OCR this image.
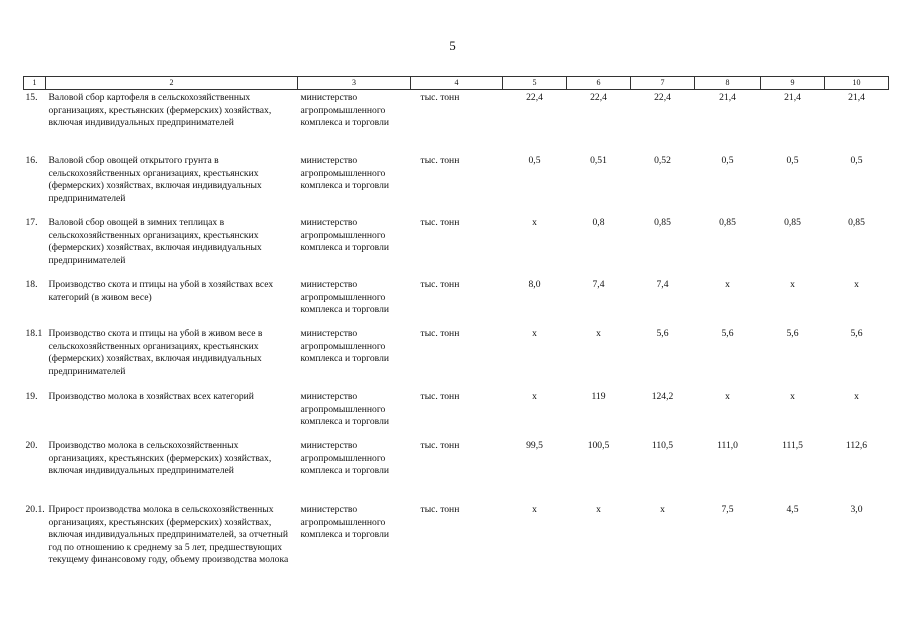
5
1	2	3	4	5	6	7	8	9	10
15.	Валовой сбор картофеля в сельскохозяйственных организациях, крестьянских (фермерских) хозяйствах, включая индивидуальных предпринимателей	министерство агропромышленного комплекса и торговли	тыс. тонн	22,4	22,4	22,4	21,4	21,4	21,4
16.	Валовой сбор овощей открытого грунта в сельскохозяйственных организациях, крестьянских (фермерских) хозяйствах, включая индивидуальных предпринимателей	министерство агропромышленного комплекса и торговли	тыс. тонн	0,5	0,51	0,52	0,5	0,5	0,5
17.	Валовой сбор овощей в зимних теплицах в сельскохозяйственных организациях, крестьянских (фермерских) хозяйствах, включая индивидуальных предпринимателей	министерство агропромышленного комплекса и торговли	тыс. тонн	x	0,8	0,85	0,85	0,85	0,85
18.	Производство скота и птицы на убой в хозяйствах всех категорий (в живом весе)	министерство агропромышленного комплекса и торговли	тыс. тонн	8,0	7,4	7,4	x	x	x
18.1	Производство скота и птицы на убой в живом весе в сельскохозяйственных организациях, крестьянских (фермерских) хозяйствах, включая индивидуальных предпринимателей	министерство агропромышленного комплекса и торговли	тыс. тонн	x	x	5,6	5,6	5,6	5,6
19.	Производство молока в хозяйствах всех категорий	министерство агропромышленного комплекса и торговли	тыс. тонн	x	119	124,2	x	x	x
20.	Производство молока в сельскохозяйственных организациях, крестьянских (фермерских) хозяйствах, включая индивидуальных предпринимателей	министерство агропромышленного комплекса и торговли	тыс. тонн	99,5	100,5	110,5	111,0	111,5	112,6
20.1.	Прирост производства молока в сельскохозяйственных организациях, крестьянских (фермерских) хозяйствах, включая индивидуальных предпринимателей, за отчетный год по отношению к среднему за 5 лет, предшествующих текущему финансовому году, объему производства молока	министерство агропромышленного комплекса и торговли	тыс. тонн	x	x	x	7,5	4,5	3,0
